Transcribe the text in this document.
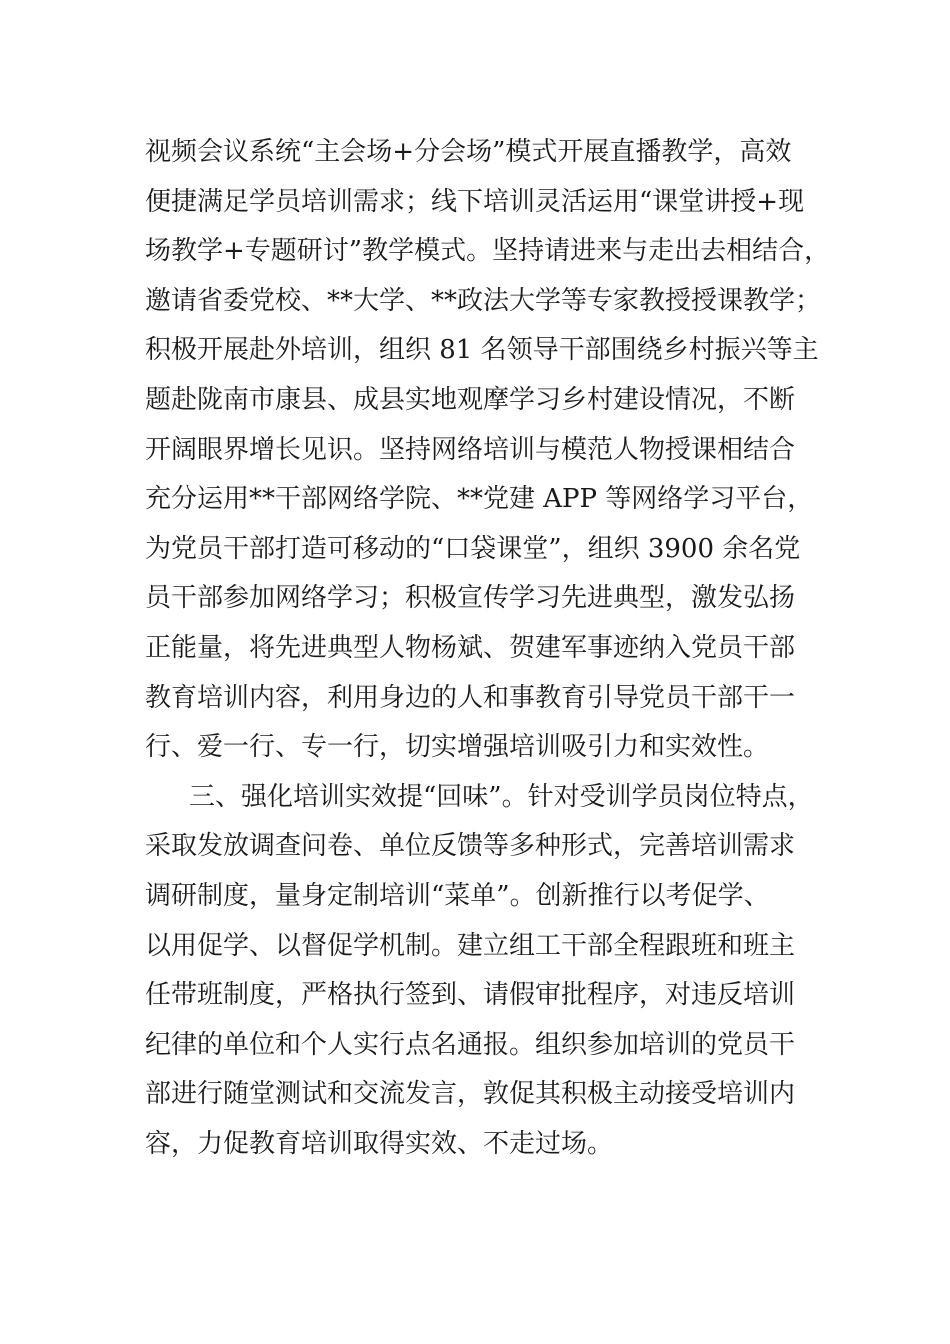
视频会议系统“主会场+分会场”模式开展直播教学，高效
便捷满足学员培训需求；线下培训灵活运用“课堂讲授+现
场教学+专题研讨”教学模式。坚持请进来与走出去相结合，
邀请省委党校、**大学、**政法大学等专家教授授课教学；
积极开展赴外培训，组织 81 名领导干部围绕乡村振兴等主
题赴陇南市康县、成县实地观摩学习乡村建设情况，不断
开阔眼界增长见识。坚持网络培训与模范人物授课相结合
充分运用**干部网络学院、**党建 APP 等网络学习平台，
为党员干部打造可移动的“口袋课堂”，组织 3900 余名党
员干部参加网络学习；积极宣传学习先进典型，激发弘扬
正能量，将先进典型人物杨斌、贺建军事迹纳入党员干部
教育培训内容，利用身边的人和事教育引导党员干部干一
行、爱一行、专一行，切实增强培训吸引力和实效性。
三、强化培训实效提“回味”。针对受训学员岗位特点，
采取发放调查问卷、单位反馈等多种形式，完善培训需求
调研制度，量身定制培训“菜单”。创新推行以考促学、
以用促学、以督促学机制。建立组工干部全程跟班和班主
任带班制度，严格执行签到、请假审批程序，对违反培训
纪律的单位和个人实行点名通报。组织参加培训的党员干
部进行随堂测试和交流发言，敦促其积极主动接受培训内
容，力促教育培训取得实效、不走过场。
